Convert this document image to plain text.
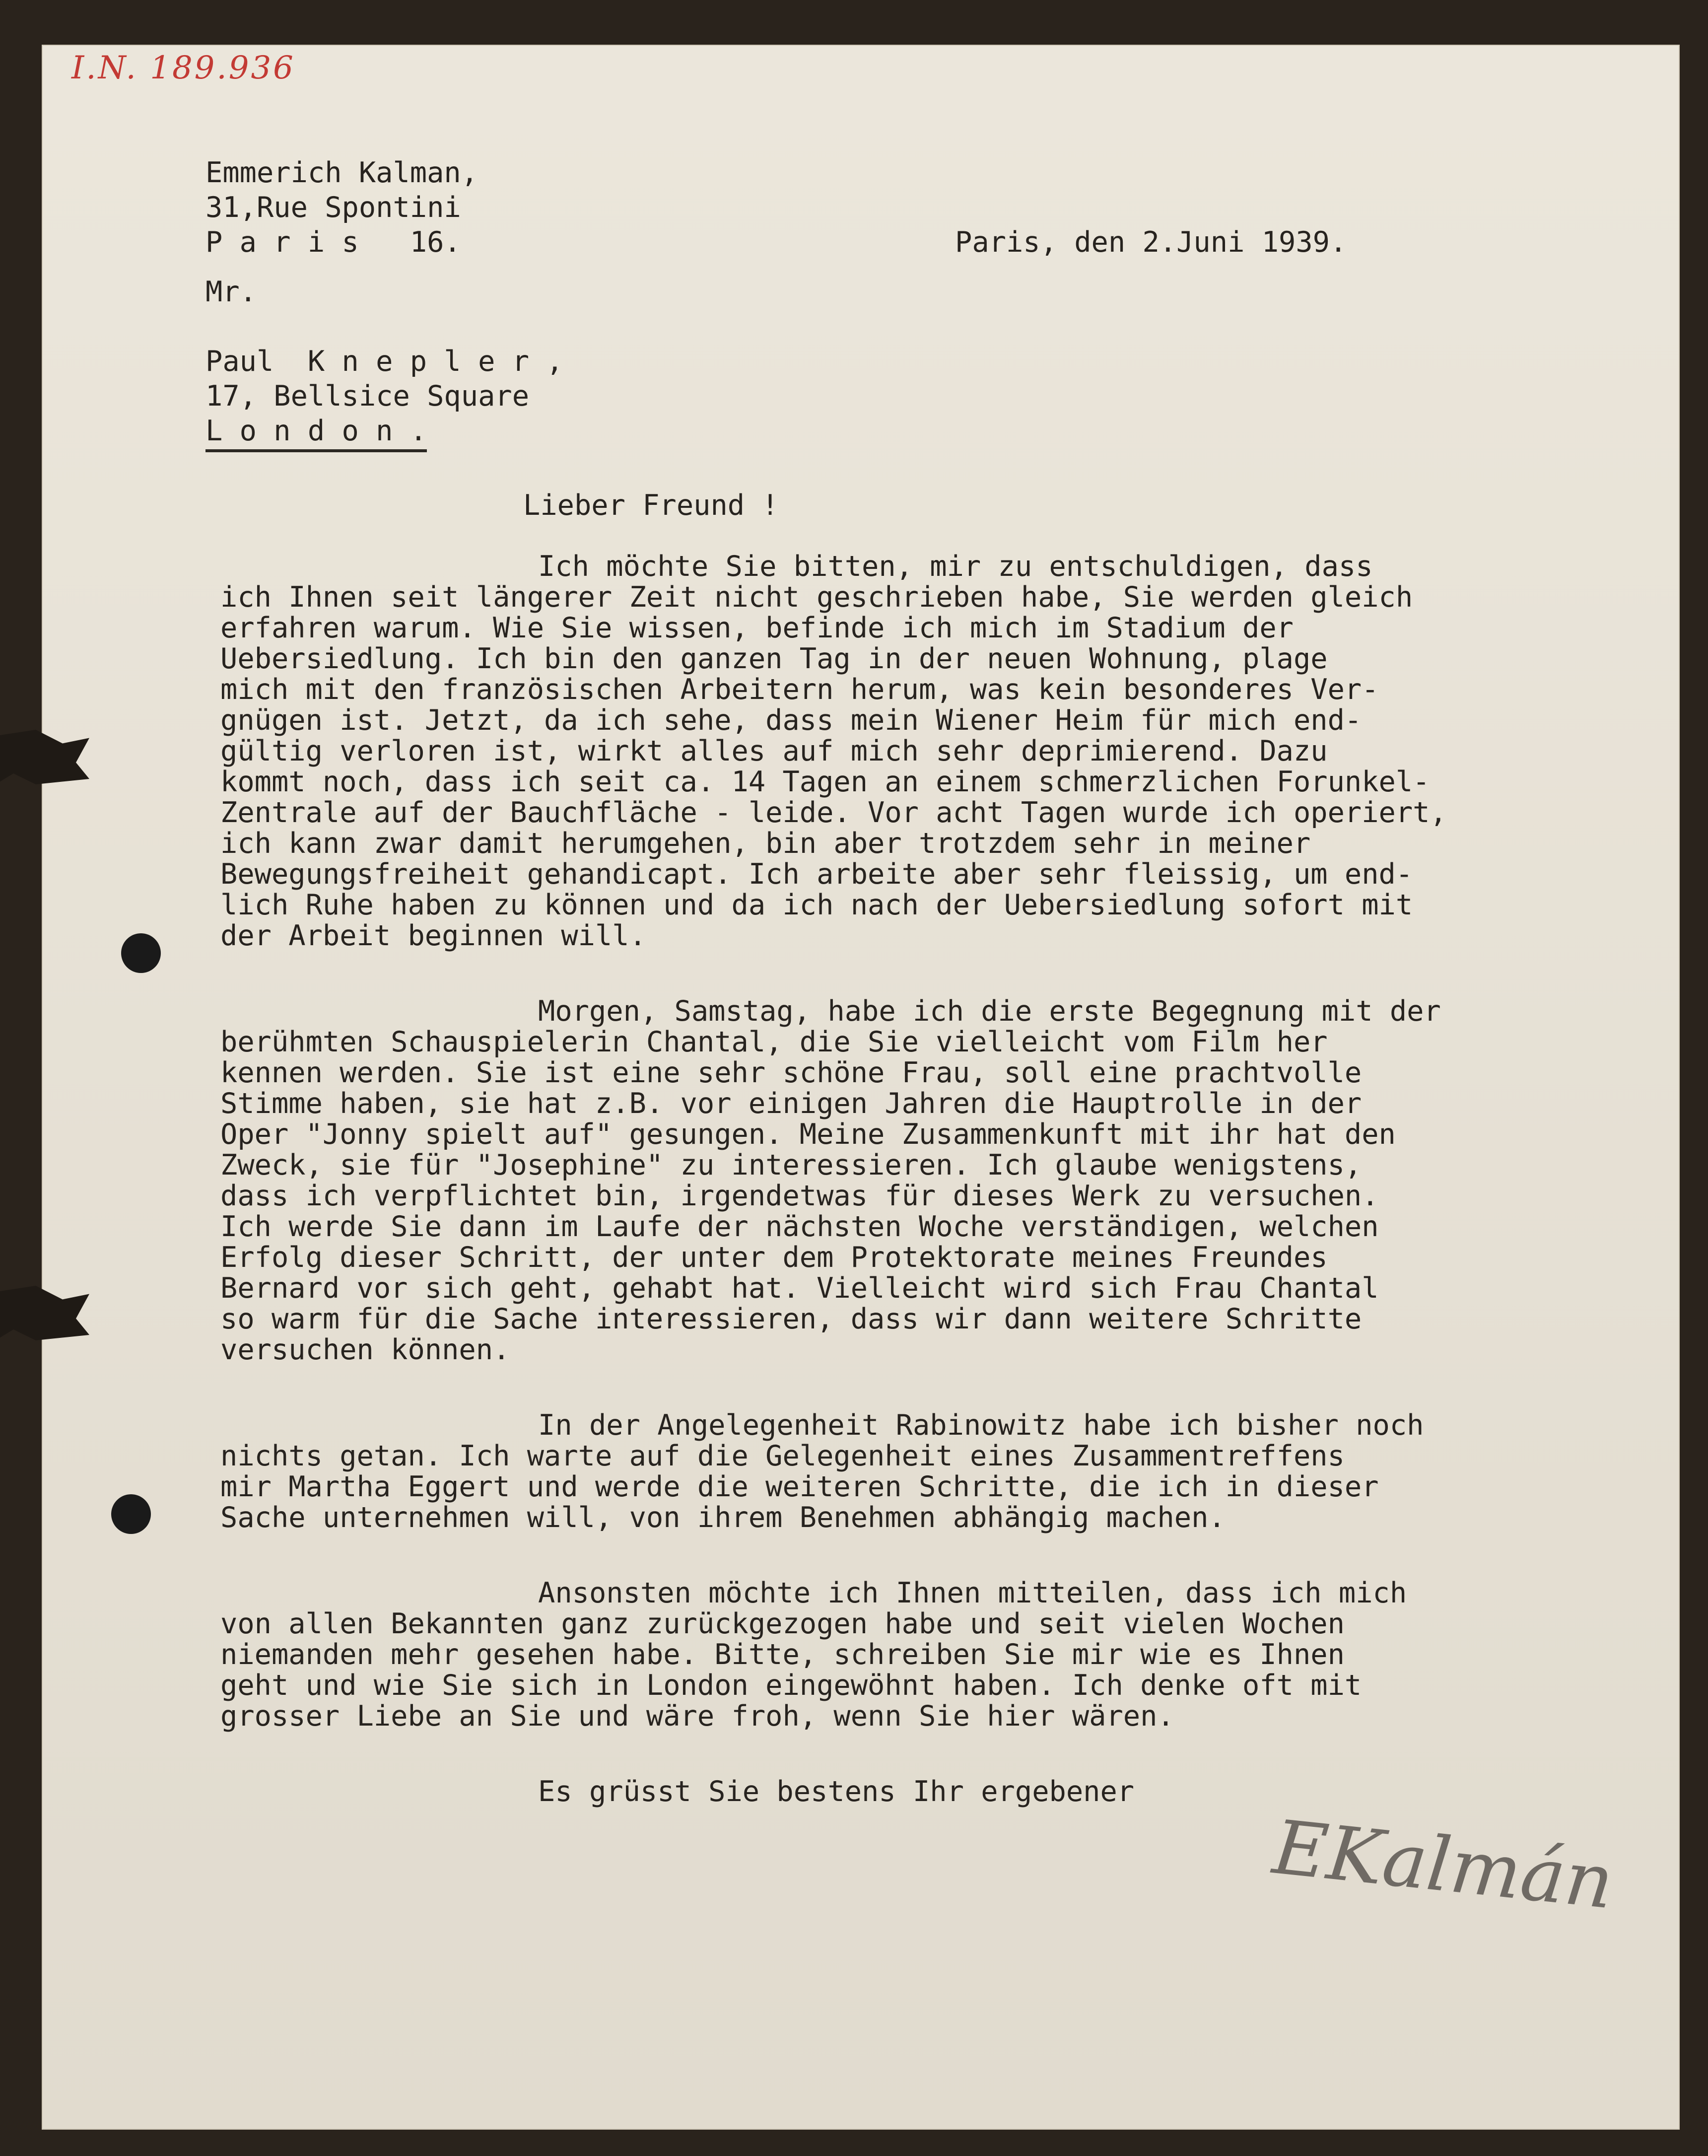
I.N. 189.936
Emmerich Kalman,
31,Rue Spontini
P a r i s   16.	Paris, den 2.Juni 1939.
Mr.
Paul  K n e p l e r ,
17, Bellsice Square
L o n d o n .
Lieber Freund !
Ich möchte Sie bitten, mir zu entschuldigen, dass
ich Ihnen seit längerer Zeit nicht geschrieben habe, Sie werden gleich
erfahren warum. Wie Sie wissen, befinde ich mich im Stadium der
Uebersiedlung. Ich bin den ganzen Tag in der neuen Wohnung, plage
mich mit den französischen Arbeitern herum, was kein besonderes Ver-
gnügen ist. Jetzt, da ich sehe, dass mein Wiener Heim für mich end-
gültig verloren ist, wirkt alles auf mich sehr deprimierend. Dazu
kommt noch, dass ich seit ca. 14 Tagen an einem schmerzlichen Forunkel-
Zentrale auf der Bauchfläche - leide. Vor acht Tagen wurde ich operiert,
ich kann zwar damit herumgehen, bin aber trotzdem sehr in meiner
Bewegungsfreiheit gehandicapt. Ich arbeite aber sehr fleissig, um end-
lich Ruhe haben zu können und da ich nach der Uebersiedlung sofort mit
der Arbeit beginnen will.
Morgen, Samstag, habe ich die erste Begegnung mit der
berühmten Schauspielerin Chantal, die Sie vielleicht vom Film her
kennen werden. Sie ist eine sehr schöne Frau, soll eine prachtvolle
Stimme haben, sie hat z.B. vor einigen Jahren die Hauptrolle in der
Oper "Jonny spielt auf" gesungen. Meine Zusammenkunft mit ihr hat den
Zweck, sie für "Josephine" zu interessieren. Ich glaube wenigstens,
dass ich verpflichtet bin, irgendetwas für dieses Werk zu versuchen.
Ich werde Sie dann im Laufe der nächsten Woche verständigen, welchen
Erfolg dieser Schritt, der unter dem Protektorate meines Freundes
Bernard vor sich geht, gehabt hat. Vielleicht wird sich Frau Chantal
so warm für die Sache interessieren, dass wir dann weitere Schritte
versuchen können.
In der Angelegenheit Rabinowitz habe ich bisher noch
nichts getan. Ich warte auf die Gelegenheit eines Zusammentreffens
mir Martha Eggert und werde die weiteren Schritte, die ich in dieser
Sache unternehmen will, von ihrem Benehmen abhängig machen.
Ansonsten möchte ich Ihnen mitteilen, dass ich mich
von allen Bekannten ganz zurückgezogen habe und seit vielen Wochen
niemanden mehr gesehen habe. Bitte, schreiben Sie mir wie es Ihnen
geht und wie Sie sich in London eingewöhnt haben. Ich denke oft mit
grosser Liebe an Sie und wäre froh, wenn Sie hier wären.
Es grüsst Sie bestens Ihr ergebener
EKalmán
